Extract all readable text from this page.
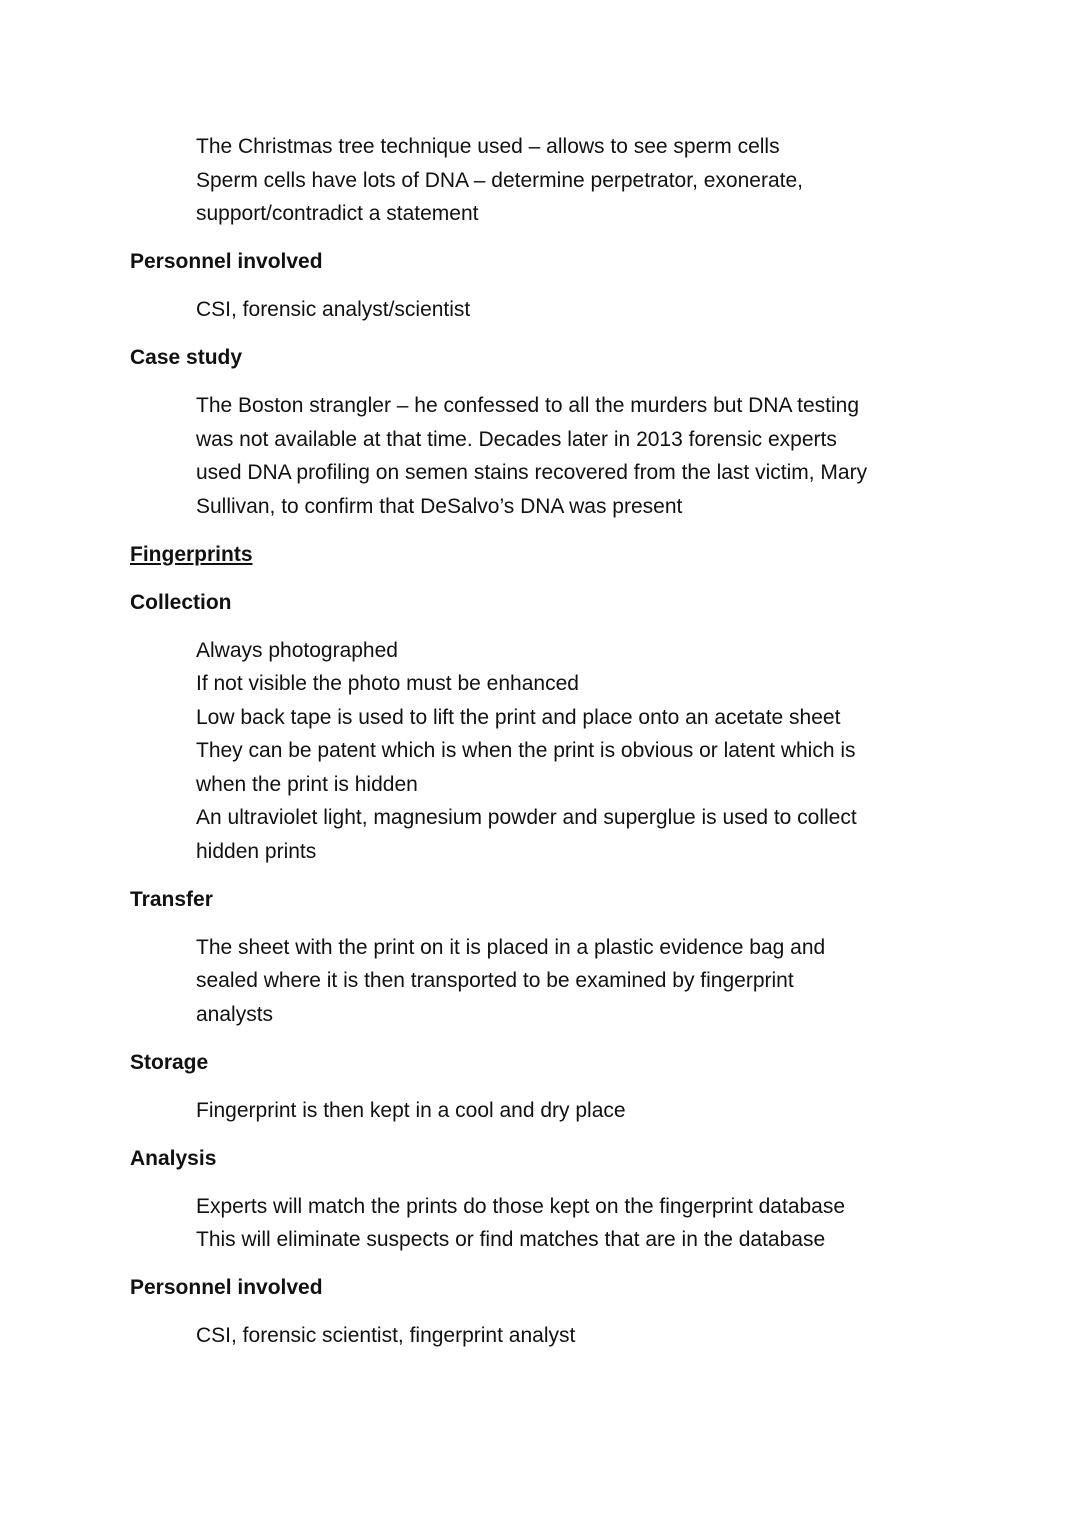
The Christmas tree technique used – allows to see sperm cells
Sperm cells have lots of DNA – determine perpetrator, exonerate,
support/contradict a statement
Personnel involved
CSI, forensic analyst/scientist
Case study
The Boston strangler – he confessed to all the murders but DNA testing
was not available at that time. Decades later in 2013 forensic experts
used DNA profiling on semen stains recovered from the last victim, Mary
Sullivan, to confirm that DeSalvo’s DNA was present
Fingerprints
Collection
Always photographed
If not visible the photo must be enhanced
Low back tape is used to lift the print and place onto an acetate sheet
They can be patent which is when the print is obvious or latent which is
when the print is hidden
An ultraviolet light, magnesium powder and superglue is used to collect
hidden prints
Transfer
The sheet with the print on it is placed in a plastic evidence bag and
sealed where it is then transported to be examined by fingerprint
analysts
Storage
Fingerprint is then kept in a cool and dry place
Analysis
Experts will match the prints do those kept on the fingerprint database
This will eliminate suspects or find matches that are in the database
Personnel involved
CSI, forensic scientist, fingerprint analyst
